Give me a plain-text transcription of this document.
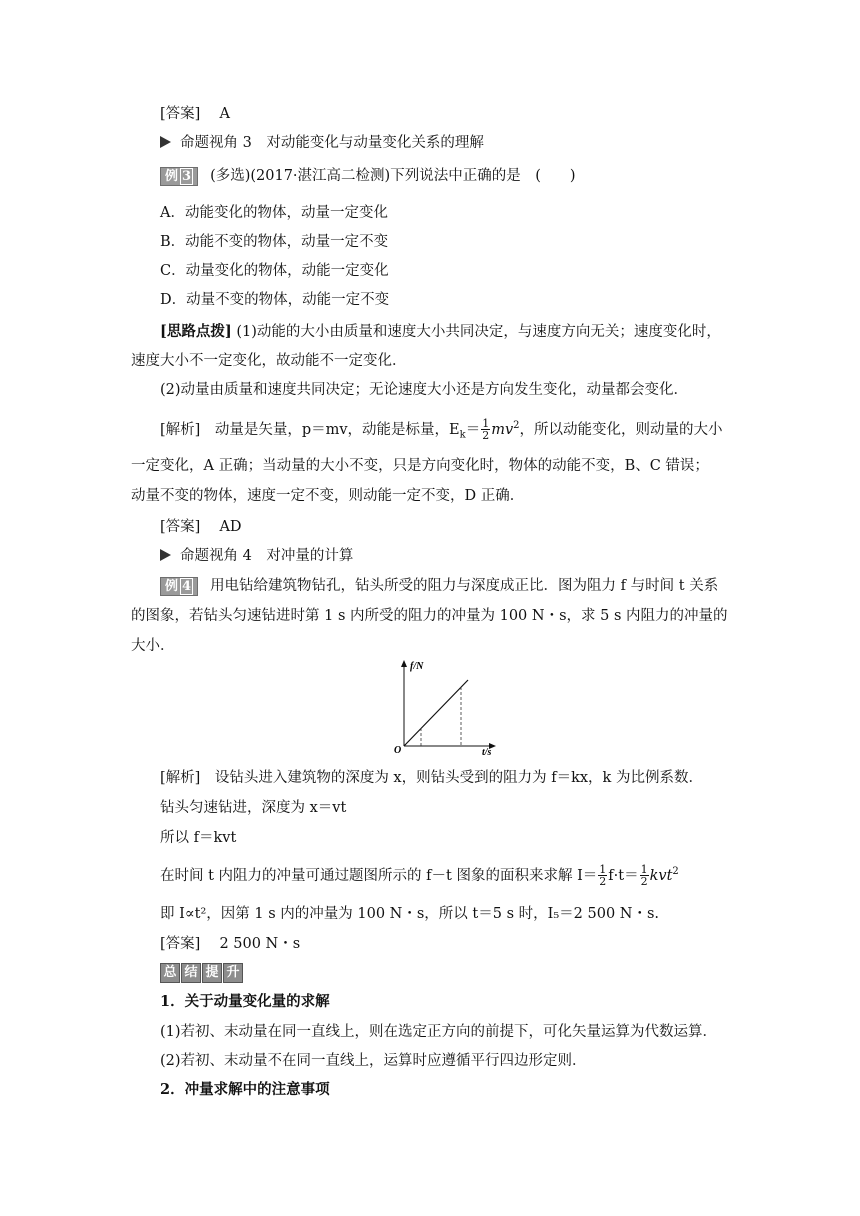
[答案]　 A
命题视角 3　对动能变化与动量变化关系的理解
例 3 (多选)(2017·湛江高二检测)下列说法中正确的是　(　　)
A．动能变化的物体，动量一定变化
B．动能不变的物体，动量一定不变
C．动量变化的物体，动能一定变化
D．动量不变的物体，动能一定不变
[思路点拨] (1)动能的大小由质量和速度大小共同决定，与速度方向无关；速度变化时，
速度大小不一定变化，故动能不一定变化．
(2)动量由质量和速度共同决定；无论速度大小还是方向发生变化，动量都会变化．
[解析]　动量是矢量，p＝mv，动能是标量，$E_k= \frac{1}{2} mv^2$，所以动能变化，则动量的大小
一定变化，A 正确；当动量的大小不变，只是方向变化时，物体的动能不变，B、C 错误；
动量不变的物体，速度一定不变，则动能一定不变，D 正确．
[答案]　 AD
命题视角 4　对冲量的计算
例 4 用电钻给建筑物钻孔，钻头所受的阻力与深度成正比．图为阻力 f 与时间 t 关系
的图象，若钻头匀速钻进时第 1 s 内所受的阻力的冲量为 100 N・s，求 5 s 内阻力的冲量的
大小．
f/N
t/s
O
[解析]　设钻头进入建筑物的深度为 x，则钻头受到的阻力为 f＝kx，k 为比例系数．
钻头匀速钻进，深度为 x＝vt
所以 f＝kvt
在时间 t 内阻力的冲量可通过题图所示的 f－t 图象的面积来求解 $I= \frac{1}{2} f\cdot t= \frac{1}{2} kvt^2$
即 I∝t²，因第 1 s 内的冲量为 100 N・s，所以 t＝5 s 时，I₅＝2 500 N・s.
[答案]　 2 500 N・s
总 结 提 升
1．关于动量变化量的求解
(1)若初、末动量在同一直线上，则在选定正方向的前提下，可化矢量运算为代数运算．
(2)若初、末动量不在同一直线上，运算时应遵循平行四边形定则．
2．冲量求解中的注意事项
